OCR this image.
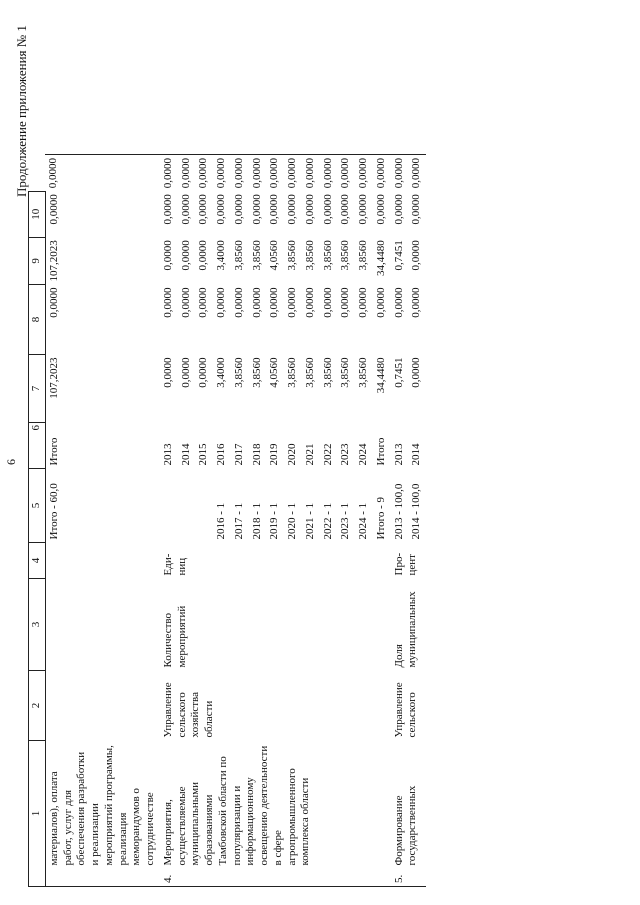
6
Продолжение приложения № 1
1		2	3	4	5	6	7	8	9	10	
	материалов), оплата работ, услуг для обеспечения разработки и реализации мероприятий программы, реализация меморандумов о сотрудничестве				Итого - 60,0	Итого	107,2023	0,0000	107,2023	0,0000	0,0000
4.	Мероприятия, осуществляемые муниципальными образованиями Тамбовской области по популяризации и информационному освещению деятельности в сфере агропромышленного комплекса области	Управление сельского хозяйства области	Количество мероприятий	Еди-ниц		2013	0,0000	0,0000	0,0000	0,0000	0,0000
						2014	0,0000	0,0000	0,0000	0,0000	0,0000
						2015	0,0000	0,0000	0,0000	0,0000	0,0000
					2016 - 1	2016	3,4000	0,0000	3,4000	0,0000	0,0000
					2017 - 1	2017	3,8560	0,0000	3,8560	0,0000	0,0000
					2018 - 1	2018	3,8560	0,0000	3,8560	0,0000	0,0000
					2019 - 1	2019	4,0560	0,0000	4,0560	0,0000	0,0000
					2020 - 1	2020	3,8560	0,0000	3,8560	0,0000	0,0000
					2021 - 1	2021	3,8560	0,0000	3,8560	0,0000	0,0000
					2022 - 1	2022	3,8560	0,0000	3,8560	0,0000	0,0000
					2023 - 1	2023	3,8560	0,0000	3,8560	0,0000	0,0000
					2024 - 1	2024	3,8560	0,0000	3,8560	0,0000	0,0000
					Итого - 9	Итого	34,4480	0,0000	34,4480	0,0000	0,0000
5.	Формирование государственных	Управление сельского	Доля муниципальных	Про-цент	2013 - 100,0	2013	0,7451	0,0000	0,7451	0,0000	0,0000
					2014 - 100,0	2014	0,0000	0,0000	0,0000	0,0000	0,0000
